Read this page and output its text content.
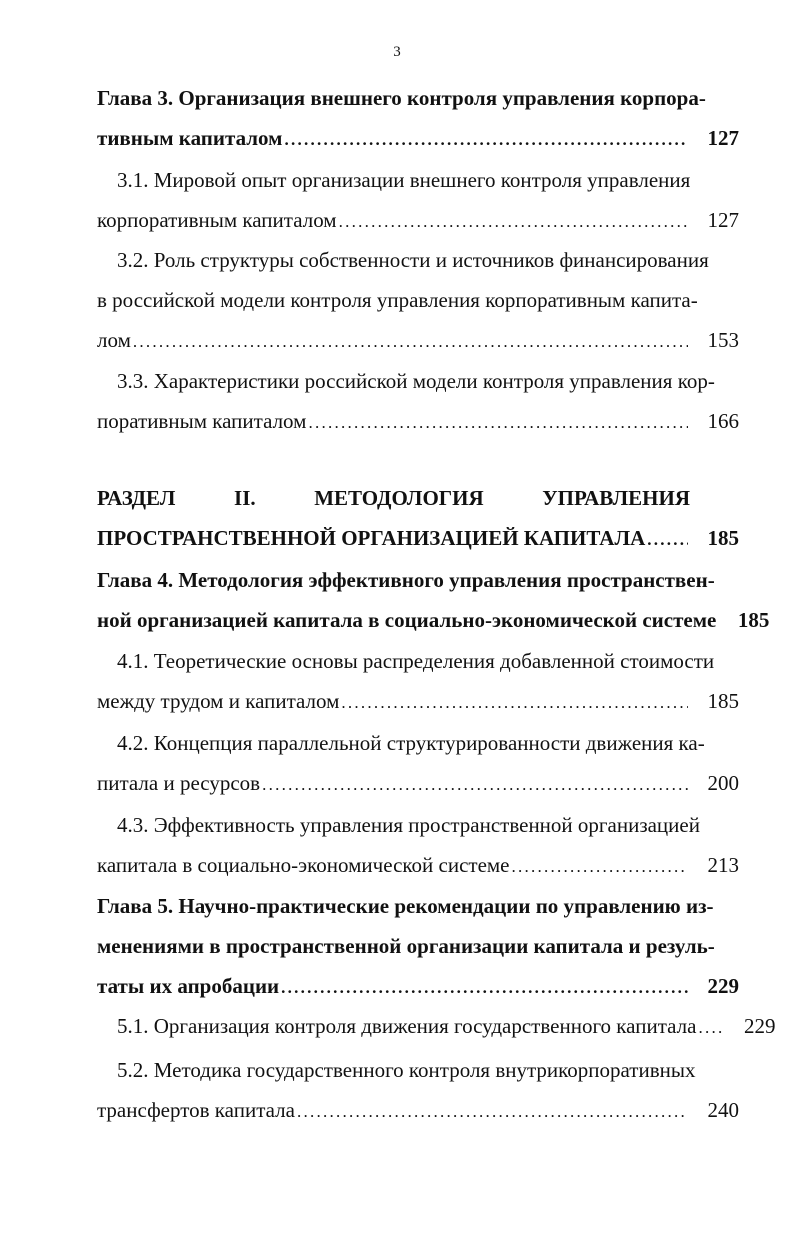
3
Глава 3. Организация внешнего контроля управления корпора-
тивным капиталом . . .	127
3.1. Мировой опыт организации внешнего контроля управления
корпоративным капиталом . . .	127
3.2. Роль структуры собственности и источников финансирования
в российской модели контроля управления корпоративным капита-
лом . . .	153
3.3. Характеристики российской модели контроля управления кор-
поративным капиталом . . .	166
РАЗДЕЛ II. МЕТОДОЛОГИЯ УПРАВЛЕНИЯ
ПРОСТРАНСТВЕННОЙ ОРГАНИЗАЦИЕЙ КАПИТАЛА . . .	185
Глава 4. Методология эффективного управления пространствен-
ной организацией капитала в социально-экономической системе	185
4.1. Теоретические основы распределения добавленной стоимости
между трудом и капиталом . . .	185
4.2. Концепция параллельной структурированности движения ка-
питала и ресурсов . . .	200
4.3. Эффективность управления пространственной организацией
капитала в социально-экономической системе . . .	213
Глава 5. Научно-практические рекомендации по управлению из-
менениями в пространственной организации капитала и резуль-
таты их апробации . . .	229
5.1. Организация контроля движения государственного капитала . . .	229
5.2. Методика государственного контроля внутрикорпоративных
трансфертов капитала . . .	240
